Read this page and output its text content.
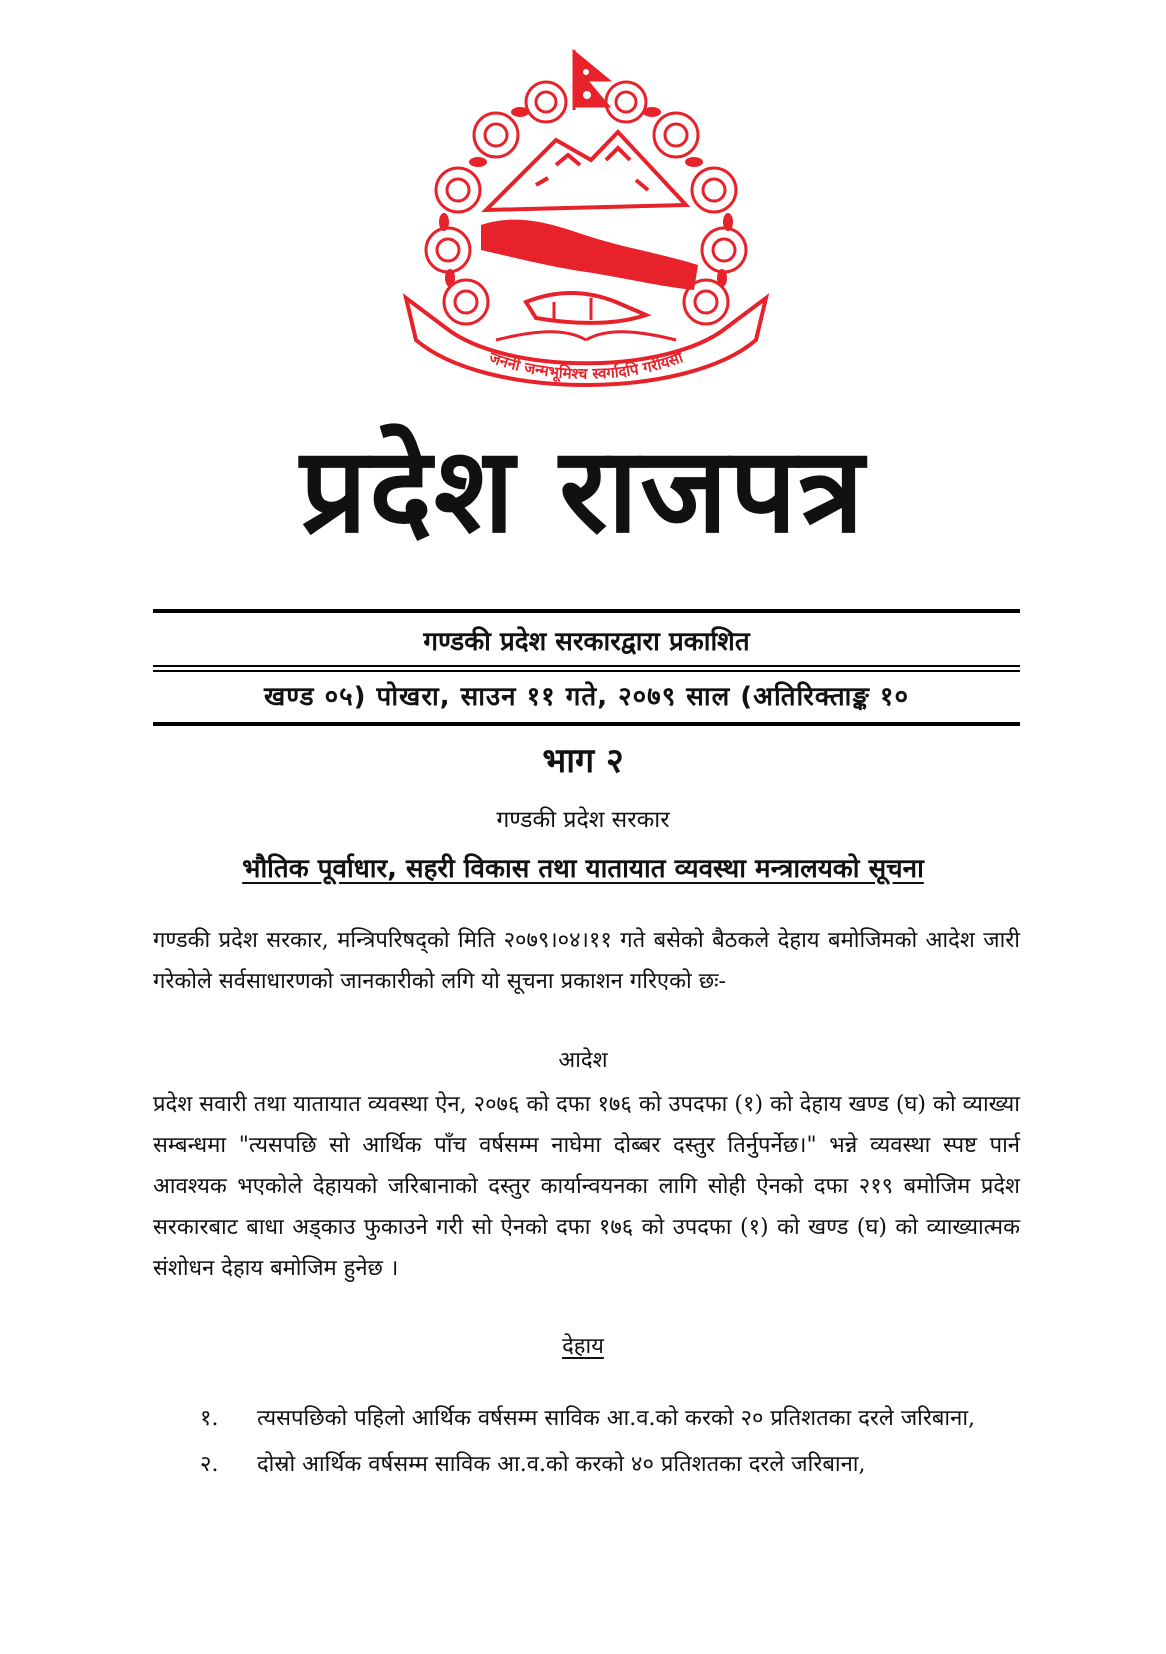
जननी जन्मभूमिश्च स्वर्गादपि गरीयसी
प्रदेश राजपत्र
गण्डकी प्रदेश सरकारद्वारा प्रकाशित
खण्ड ०५) पोखरा, साउन ११ गते, २०७९ साल (अतिरिक्ताङ्क १०
भाग २
गण्डकी प्रदेश सरकार
भौतिक पूर्वाधार, सहरी विकास तथा यातायात व्यवस्था मन्त्रालयको सूचना

गण्डकी प्रदेश सरकार, मन्त्रिपरिषद्को मिति २०७९।०४।११ गते बसेको बैठकले देहाय बमोजिमको आदेश जारी गरेकोले सर्वसाधारणको जानकारीको लगि यो सूचना प्रकाशन गरिएको छः-

आदेश

प्रदेश सवारी तथा यातायात व्यवस्था ऐन, २०७६ को दफा १७६ को उपदफा (१) को देहाय खण्ड (घ) को व्याख्या सम्बन्धमा "त्यसपछि सो आर्थिक पाँच वर्षसम्म नाघेमा दोब्बर दस्तुर तिर्नुपर्नेछ।" भन्ने व्यवस्था स्पष्ट पार्न आवश्यक भएकोले देहायको जरिबानाको दस्तुर कार्यान्वयनका लागि सोही ऐनको दफा २१९ बमोजिम प्रदेश सरकारबाट बाधा अड्काउ फुकाउने गरी सो ऐनको दफा १७६ को उपदफा (१) को खण्ड (घ) को व्याख्यात्मक संशोधन देहाय बमोजिम हुनेछ ।

देहाय
१. त्यसपछिको पहिलो आर्थिक वर्षसम्म साविक आ.व.को करको २० प्रतिशतका दरले जरिबाना,
२. दोस्रो आर्थिक वर्षसम्म साविक आ.व.को करको ४० प्रतिशतका दरले जरिबाना,
